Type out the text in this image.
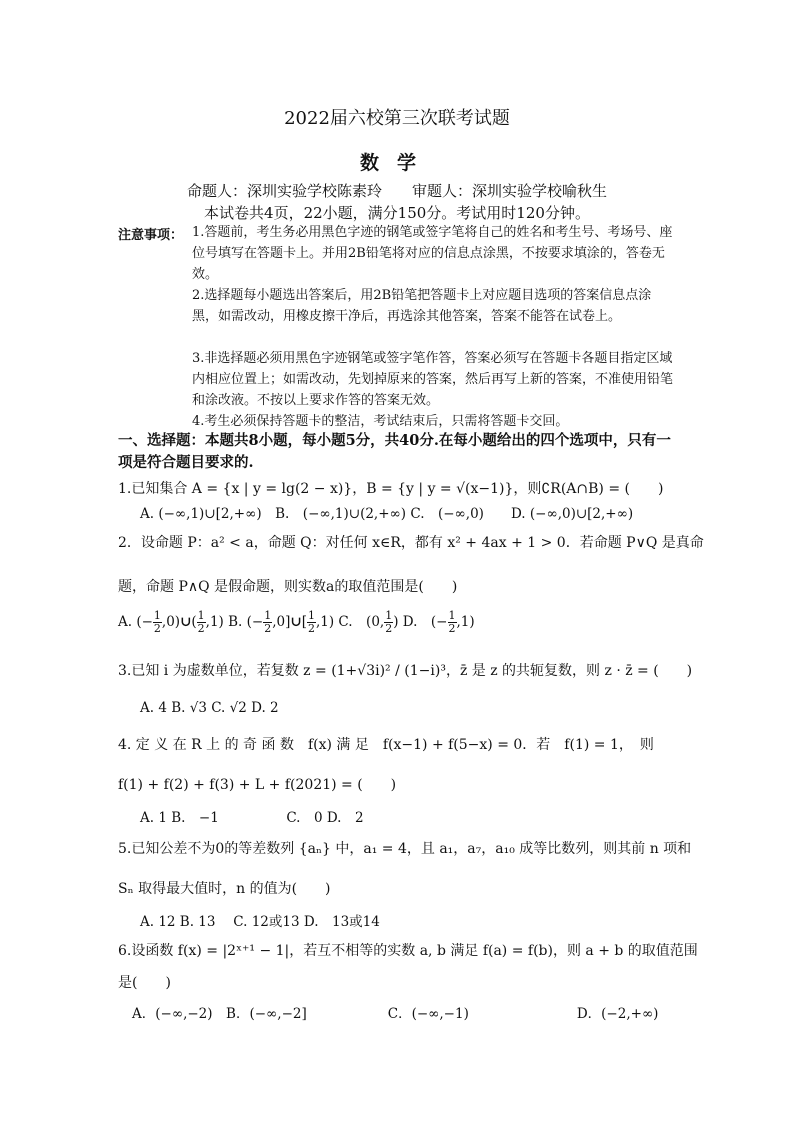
2022届六校第三次联考试题
数学
命题人：深圳实验学校陈素玲　　审题人：深圳实验学校喻秋生
本试卷共4页，22小题，满分150分。考试用时120分钟。
注意事项： 1.答题前，考生务必用黑色字迹的钢笔或签字笔将自己的姓名和考生号、考场号、座位号填写在答题卡上。并用2B铅笔将对应的信息点涂黑，不按要求填涂的，答卷无效。
2.选择题每小题选出答案后，用2B铅笔把答题卡上对应题目选项的答案信息点涂黑，如需改动，用橡皮擦干净后，再选涂其他答案，答案不能答在试卷上。
3.非选择题必须用黑色字迹钢笔或签字笔作答，答案必须写在答题卡各题目指定区域内相应位置上；如需改动，先划掉原来的答案，然后再写上新的答案，不准使用铅笔和涂改液。不按以上要求作答的答案无效。
4.考生必须保持答题卡的整洁，考试结束后，只需将答题卡交回。
一、选择题：本题共8小题，每小题5分，共40分.在每小题给出的四个选项中，只有一项是符合题目要求的.
1.已知集合 A = {x | y = lg(2 − x)}，B = {y | y = √(x−1)}，则∁R(A∩B) = (　　)
A. (−∞,1)∪[2,+∞)　B.　(−∞,1)∪(2,+∞) C.　(−∞,0)　　D. (−∞,0)∪[2,+∞)
2．设命题 P：a² < a，命题 Q：对任何 x∈R，都有 x² + 4ax + 1 > 0．若命题 P∨Q 是真命
题，命题 P∧Q 是假命题，则实数a的取值范围是(　　)
A. (− $\frac{1}{2}$ ,0)∪( $\frac{1}{2} ,1$) B. (− $\frac{1}{2}$ ,0]∪[ $\frac{1}{2} ,1$) C.　(0, $\frac{1}{2}$ ) D.　(− $\frac{1}{2} ,1$)
3.已知 i 为虚数单位，若复数 z = (1+√3i)² / (1−i)³，z̄ 是 z 的共轭复数，则 z · z̄ = (　　)
A. 4 B. √3 C. √2 D. 2
4. 定 义 在 R 上 的 奇 函 数　f(x) 满 足　f(x−1) + f(5−x) = 0．若　f(1) = 1，　则
f(1) + f(2) + f(3) + L + f(2021) = (　　)
A. 1 B.　−1　　　　　C.　0 D.　2
5.已知公差不为0的等差数列 {aₙ} 中，a₁ = 4，且 a₁，a₇，a₁₀ 成等比数列，则其前 n 项和
Sₙ 取得最大值时，n 的值为(　　)
A. 12 B. 13　 C. 12或13 D.　13或14
6.设函数 f(x) = |2ˣ⁺¹ − 1|，若互不相等的实数 a, b 满足 f(a) = f(b)，则 a + b 的取值范围
是(　　)
A．(−∞,−2)　B．(−∞,−2]　　　　　　C．(−∞,−1)　　　　　　　　D．(−2,+∞)
